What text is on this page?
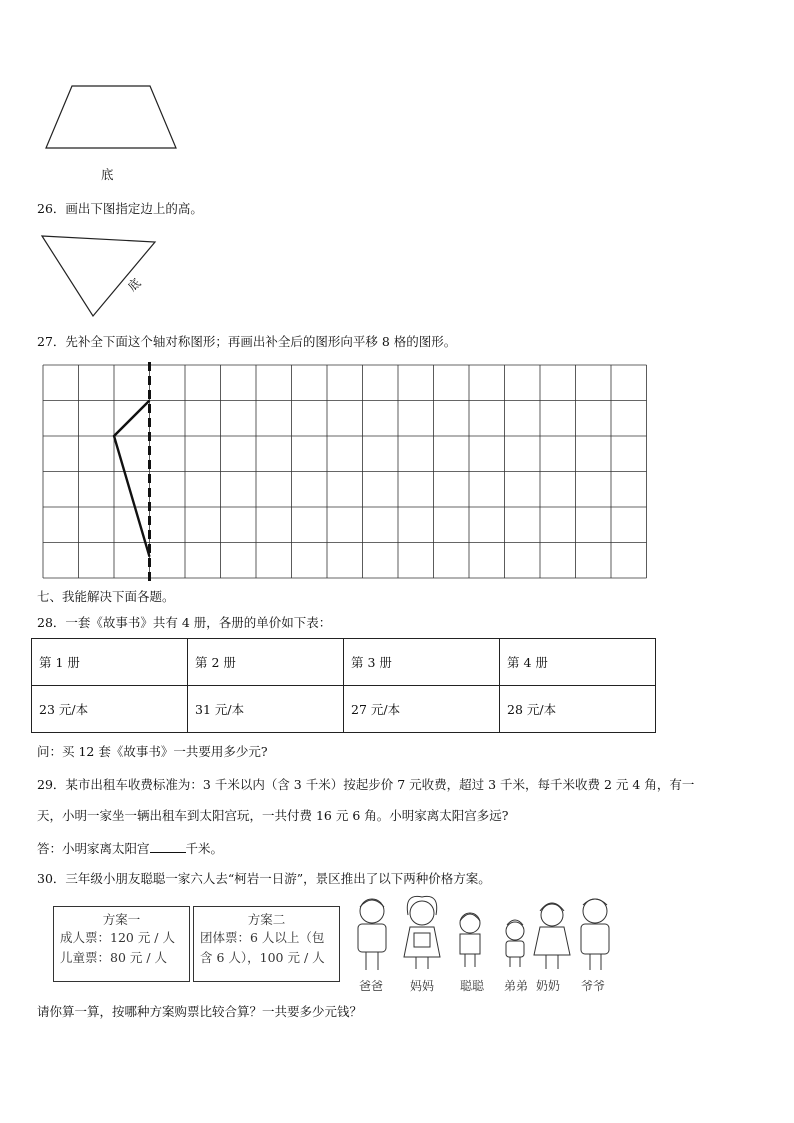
底
26．画出下图指定边上的高。
底
27．先补全下面这个轴对称图形；再画出补全后的图形向平移 8 格的图形。
七、我能解决下面各题。
28．一套《故事书》共有 4 册，各册的单价如下表：
第 1 册	第 2 册	第 3 册	第 4 册
23 元/本	31 元/本	27 元/本	28 元/本
问：买 12 套《故事书》一共要用多少元?
29．某市出租车收费标准为：3 千米以内（含 3 千米）按起步价 7 元收费，超过 3 千米，每千米收费 2 元 4 角，有一
天，小明一家坐一辆出租车到太阳宫玩，一共付费 16 元 6 角。小明家离太阳宫多远?
答：小明家离太阳宫	千米。
30．三年级小朋友聪聪一家六人去“柯岩一日游”，景区推出了以下两种价格方案。
方案一
成人票：120 元 / 人
儿童票：80 元 / 人
方案二
团体票：6 人以上（包
含 6 人），100 元 / 人
爸爸 妈妈 聪聪 弟弟 奶奶 爷爷
请你算一算，按哪种方案购票比较合算？一共要多少元钱？
